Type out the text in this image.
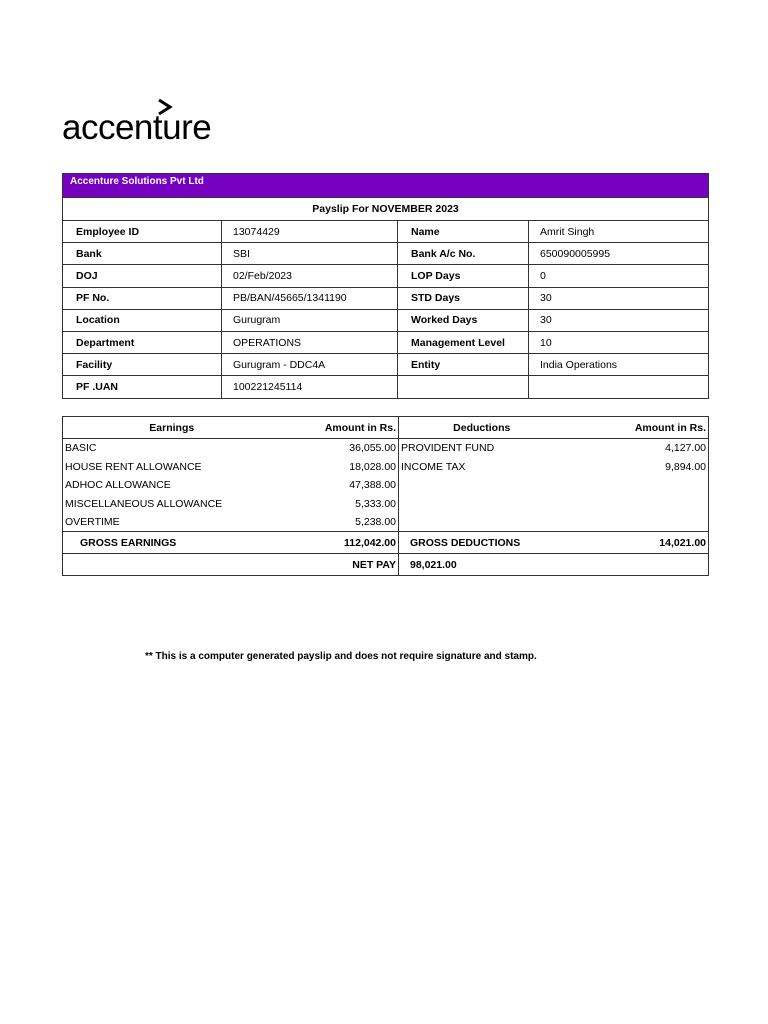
accenture
Accenture Solutions Pvt Ltd			
Payslip For NOVEMBER 2023			
Employee ID	13074429	Name	Amrit Singh
Bank	SBI	Bank A/c No.	650090005995
DOJ	02/Feb/2023	LOP Days	0
PF No.	PB/BAN/45665/1341190	STD Days	30
Location	Gurugram	Worked Days	30
Department	OPERATIONS	Management Level	10
Facility	Gurugram - DDC4A	Entity	India Operations
PF .UAN	100221245114		
Earnings	Amount in Rs.	Deductions	Amount in Rs.
BASIC	36,055.00	PROVIDENT FUND	4,127.00
HOUSE RENT ALLOWANCE	18,028.00	INCOME TAX	9,894.00
ADHOC ALLOWANCE	47,388.00		
MISCELLANEOUS ALLOWANCE	5,333.00		
OVERTIME	5,238.00		
GROSS EARNINGS	112,042.00	GROSS DEDUCTIONS	14,021.00
	NET PAY	98,021.00	
** This is a computer generated payslip and does not require signature and stamp.
